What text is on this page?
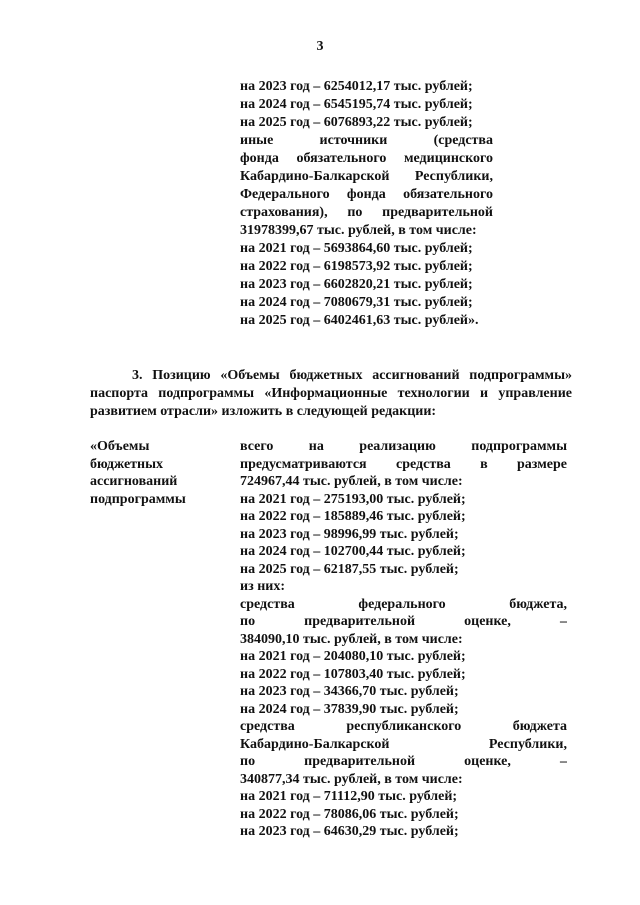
3
на 2023 год – 6254012,17 тыс. рублей;
на 2024 год – 6545195,74 тыс. рублей;
на 2025 год – 6076893,22 тыс. рублей;
иные источники (средства
фонда обязательного медицинского
Кабардино-Балкарской Республики,
Федерального фонда обязательного
страхования), по предварительной
31978399,67 тыс. рублей, в том числе:
на 2021 год – 5693864,60 тыс. рублей;
на 2022 год – 6198573,92 тыс. рублей;
на 2023 год – 6602820,21 тыс. рублей;
на 2024 год – 7080679,31 тыс. рублей;
на 2025 год – 6402461,63 тыс. рублей».
3. Позицию «Объемы бюджетных ассигнований подпрограммы»
паспорта подпрограммы «Информационные технологии и управление
развитием отрасли» изложить в следующей редакции:
«Объемы
бюджетных
ассигнований
подпрограммы
всего на реализацию подпрограммы
предусматриваются средства в размере
724967,44 тыс. рублей, в том числе:
на 2021 год – 275193,00 тыс. рублей;
на 2022 год – 185889,46 тыс. рублей;
на 2023 год – 98996,99 тыс. рублей;
на 2024 год – 102700,44 тыс. рублей;
на 2025 год – 62187,55 тыс. рублей;
из них:
средства федерального бюджета,
по предварительной оценке, –
384090,10 тыс. рублей, в том числе:
на 2021 год – 204080,10 тыс. рублей;
на 2022 год – 107803,40 тыс. рублей;
на 2023 год – 34366,70 тыс. рублей;
на 2024 год – 37839,90 тыс. рублей;
средства республиканского бюджета
Кабардино-Балкарской Республики,
по предварительной оценке, –
340877,34 тыс. рублей, в том числе:
на 2021 год – 71112,90 тыс. рублей;
на 2022 год – 78086,06 тыс. рублей;
на 2023 год – 64630,29 тыс. рублей;
